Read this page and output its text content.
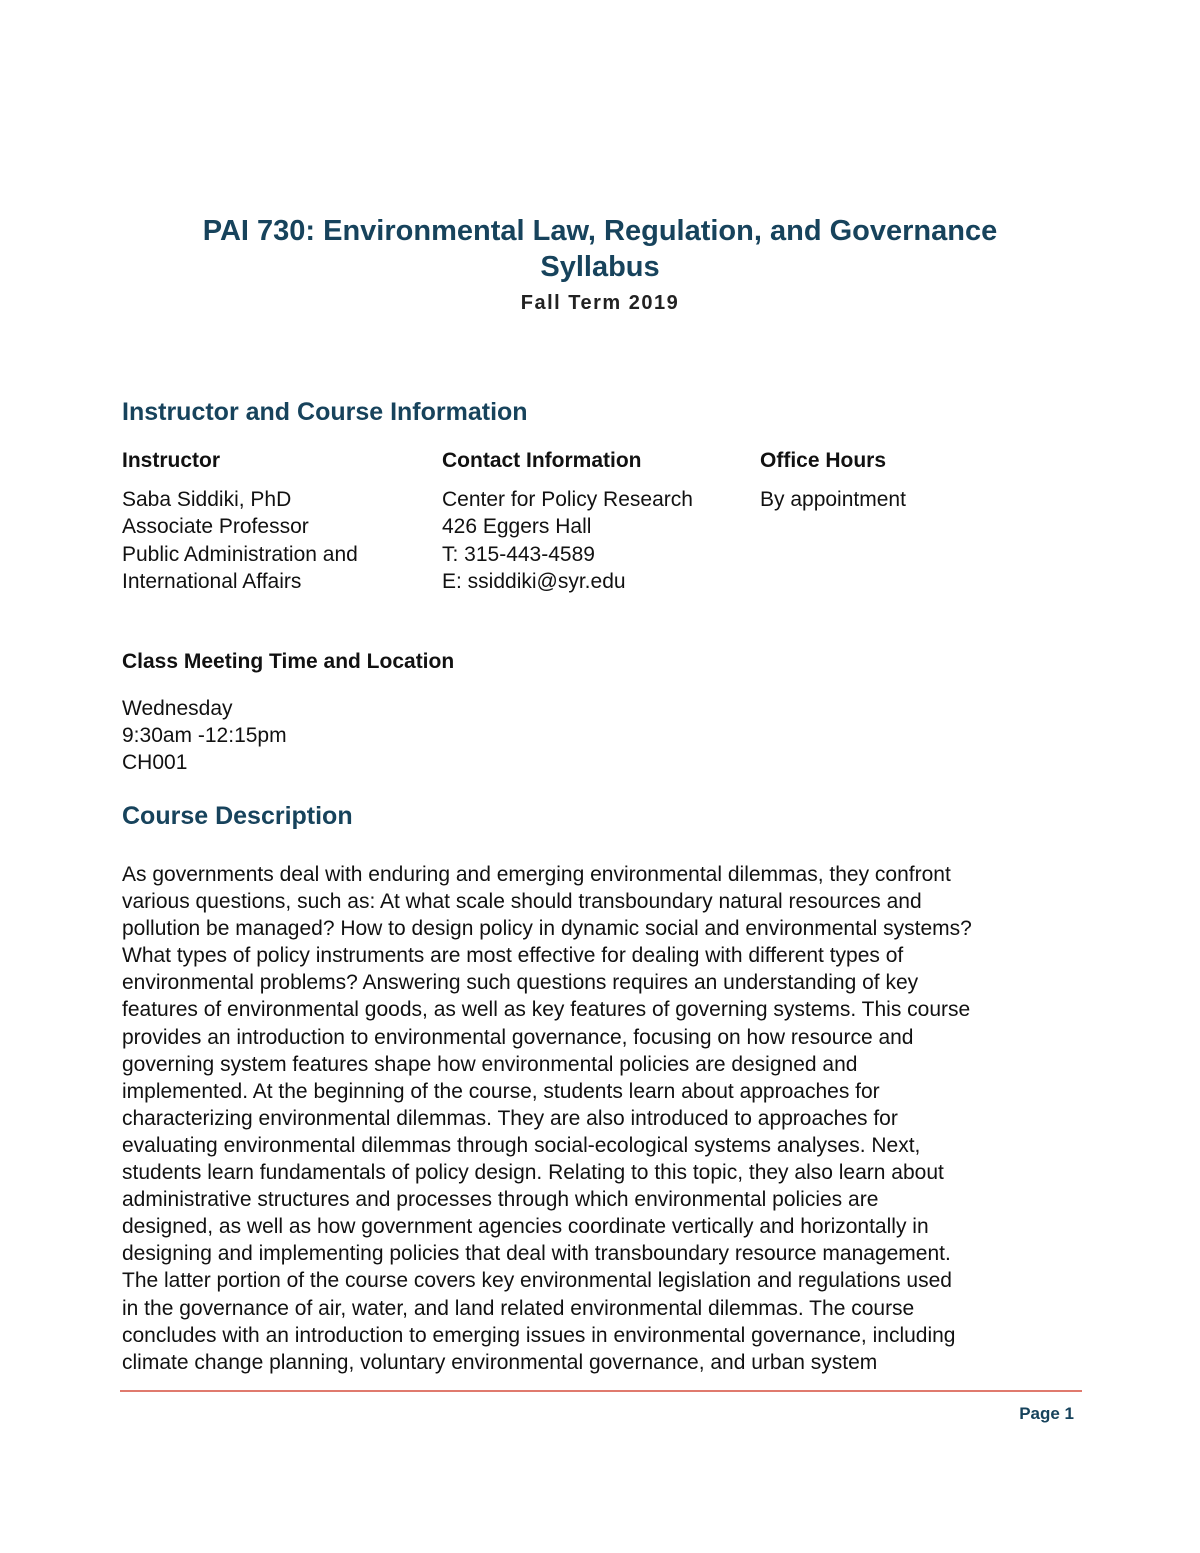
PAI 730: Environmental Law, Regulation, and Governance
Syllabus
Fall Term 2019
Instructor and Course Information
Instructor
Saba Siddiki, PhD
Associate Professor
Public Administration and
International Affairs
Contact Information
Center for Policy Research
426 Eggers Hall
T: 315-443-4589
E: ssiddiki@syr.edu
Office Hours
By appointment
Class Meeting Time and Location
Wednesday
9:30am -12:15pm
CH001
Course Description
As governments deal with enduring and emerging environmental dilemmas, they confront
various questions, such as: At what scale should transboundary natural resources and
pollution be managed? How to design policy in dynamic social and environmental systems?
What types of policy instruments are most effective for dealing with different types of
environmental problems? Answering such questions requires an understanding of key
features of environmental goods, as well as key features of governing systems. This course
provides an introduction to environmental governance, focusing on how resource and
governing system features shape how environmental policies are designed and
implemented. At the beginning of the course, students learn about approaches for
characterizing environmental dilemmas. They are also introduced to approaches for
evaluating environmental dilemmas through social-ecological systems analyses. Next,
students learn fundamentals of policy design. Relating to this topic, they also learn about
administrative structures and processes through which environmental policies are
designed, as well as how government agencies coordinate vertically and horizontally in
designing and implementing policies that deal with transboundary resource management.
The latter portion of the course covers key environmental legislation and regulations used
in the governance of air, water, and land related environmental dilemmas. The course
concludes with an introduction to emerging issues in environmental governance, including
climate change planning, voluntary environmental governance, and urban system
Page 1
